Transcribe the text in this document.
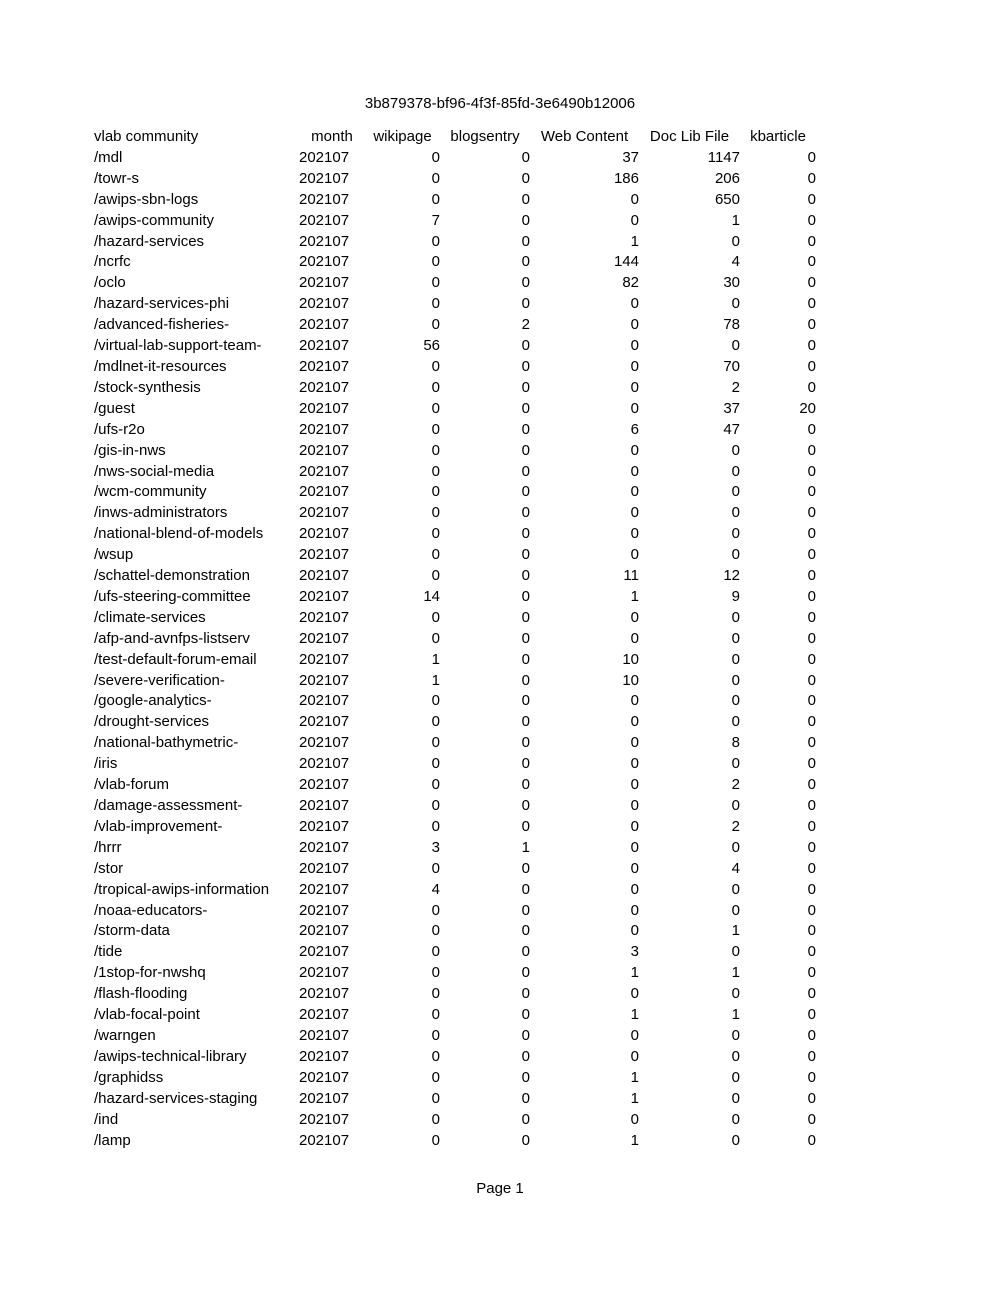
3b879378-bf96-4f3f-85fd-3e6490b12006
vlab community	month	wikipage	blogsentry	Web Content	Doc Lib File	kbarticle
/mdl	202107	0	0	37	1147	0
/towr-s	202107	0	0	186	206	0
/awips-sbn-logs	202107	0	0	0	650	0
/awips-community	202107	7	0	0	1	0
/hazard-services	202107	0	0	1	0	0
/ncrfc	202107	0	0	144	4	0
/oclo	202107	0	0	82	30	0
/hazard-services-phi	202107	0	0	0	0	0
/advanced-fisheries-	202107	0	2	0	78	0
/virtual-lab-support-team-	202107	56	0	0	0	0
/mdlnet-it-resources	202107	0	0	0	70	0
/stock-synthesis	202107	0	0	0	2	0
/guest	202107	0	0	0	37	20
/ufs-r2o	202107	0	0	6	47	0
/gis-in-nws	202107	0	0	0	0	0
/nws-social-media	202107	0	0	0	0	0
/wcm-community	202107	0	0	0	0	0
/inws-administrators	202107	0	0	0	0	0
/national-blend-of-models	202107	0	0	0	0	0
/wsup	202107	0	0	0	0	0
/schattel-demonstration	202107	0	0	11	12	0
/ufs-steering-committee	202107	14	0	1	9	0
/climate-services	202107	0	0	0	0	0
/afp-and-avnfps-listserv	202107	0	0	0	0	0
/test-default-forum-email	202107	1	0	10	0	0
/severe-verification-	202107	1	0	10	0	0
/google-analytics-	202107	0	0	0	0	0
/drought-services	202107	0	0	0	0	0
/national-bathymetric-	202107	0	0	0	8	0
/iris	202107	0	0	0	0	0
/vlab-forum	202107	0	0	0	2	0
/damage-assessment-	202107	0	0	0	0	0
/vlab-improvement-	202107	0	0	0	2	0
/hrrr	202107	3	1	0	0	0
/stor	202107	0	0	0	4	0
/tropical-awips-information	202107	4	0	0	0	0
/noaa-educators-	202107	0	0	0	0	0
/storm-data	202107	0	0	0	1	0
/tide	202107	0	0	3	0	0
/1stop-for-nwshq	202107	0	0	1	1	0
/flash-flooding	202107	0	0	0	0	0
/vlab-focal-point	202107	0	0	1	1	0
/warngen	202107	0	0	0	0	0
/awips-technical-library	202107	0	0	0	0	0
/graphidss	202107	0	0	1	0	0
/hazard-services-staging	202107	0	0	1	0	0
/ind	202107	0	0	0	0	0
/lamp	202107	0	0	1	0	0
Page 1
